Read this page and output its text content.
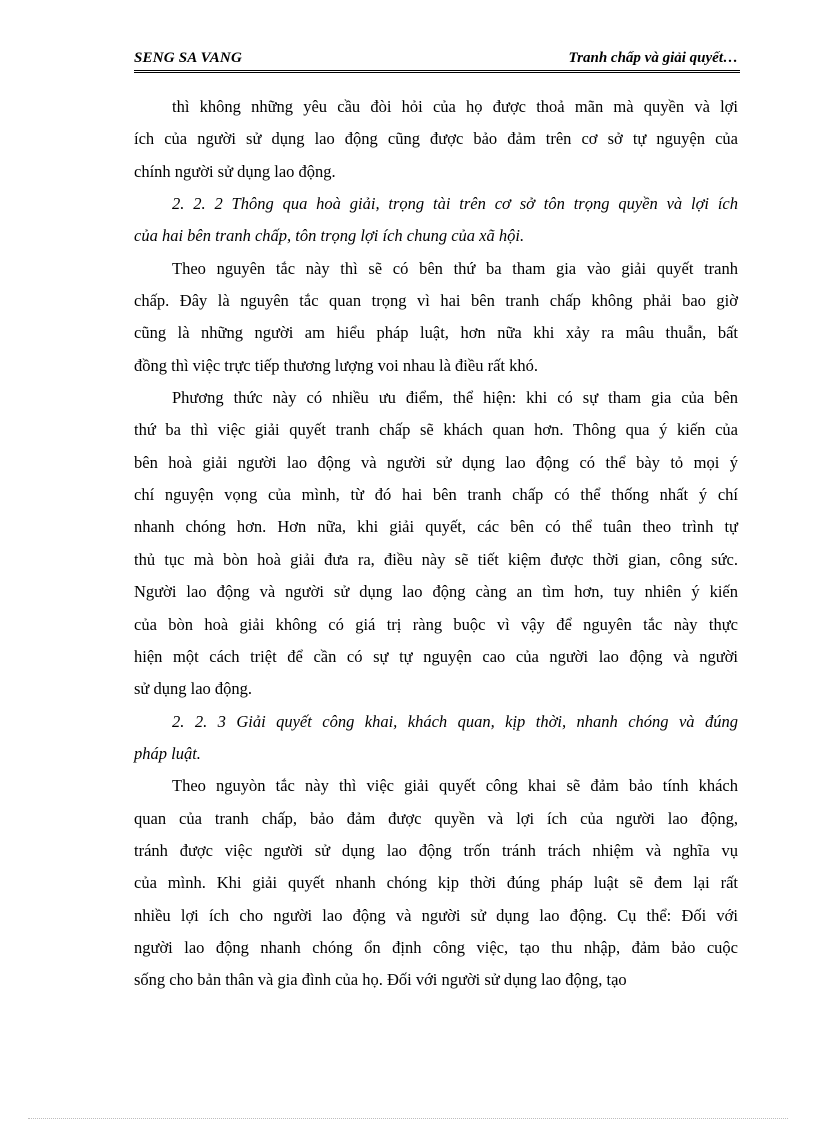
SENG SA VANG	Tranh chấp và giải quyết…
thì không những yêu cầu đòi hỏi của họ được thoả mãn mà quyền và lợi
ích của người sử dụng lao động cũng được bảo đảm trên cơ sở tự nguyện của
chính người sử dụng lao động.
2. 2. 2 Thông qua hoà giải, trọng tài trên cơ sở tôn trọng quyền và lợi ích
của hai bên tranh chấp, tôn trọng lợi ích chung của xã hội.
Theo nguyên tắc này thì sẽ có bên thứ ba tham gia vào giải quyết tranh
chấp. Đây là nguyên tắc quan trọng vì hai bên tranh chấp không phải bao giờ
cũng là những người am hiểu pháp luật, hơn nữa khi xảy ra mâu thuẫn, bất
đồng thì việc trực tiếp thương lượng voi nhau là điều rất khó.
Phương thức này có nhiều ưu điểm, thể hiện: khi có sự tham gia của bên
thứ ba thì việc giải quyết tranh chấp sẽ khách quan hơn. Thông qua ý kiến của
bên hoà giải người lao động và người sử dụng lao động có thể bày tỏ mọi ý
chí nguyện vọng của mình, từ đó hai bên tranh chấp có thể thống nhất ý chí
nhanh chóng hơn. Hơn nữa, khi giải quyết, các bên có thể tuân theo trình tự
thủ tục mà bòn hoà giải đưa ra, điều này sẽ tiết kiệm được thời gian, công sức.
Người lao động và người sử dụng lao động càng an tìm hơn, tuy nhiên ý kiến
của bòn hoà giải không có giá trị ràng buộc vì vậy để nguyên tắc này thực
hiện một cách triệt để cần có sự tự nguyện cao của người lao động và người
sử dụng lao động.
2. 2. 3 Giải quyết công khai, khách quan, kịp thời, nhanh chóng và đúng
pháp luật.
Theo nguyòn tắc này thì việc giải quyết công khai sẽ đảm bảo tính khách
quan của tranh chấp, bảo đảm được quyền và lợi ích của người lao động,
tránh được việc người sử dụng lao động trốn tránh trách nhiệm và nghĩa vụ
của mình. Khi giải quyết nhanh chóng kịp thời đúng pháp luật sẽ đem lại rất
nhiều lợi ích cho người lao động và người sử dụng lao động. Cụ thể: Đối với
người lao động nhanh chóng ổn định công việc, tạo thu nhập, đảm bảo cuộc
sống cho bản thân và gia đình của họ. Đối với người sử dụng lao động, tạo
